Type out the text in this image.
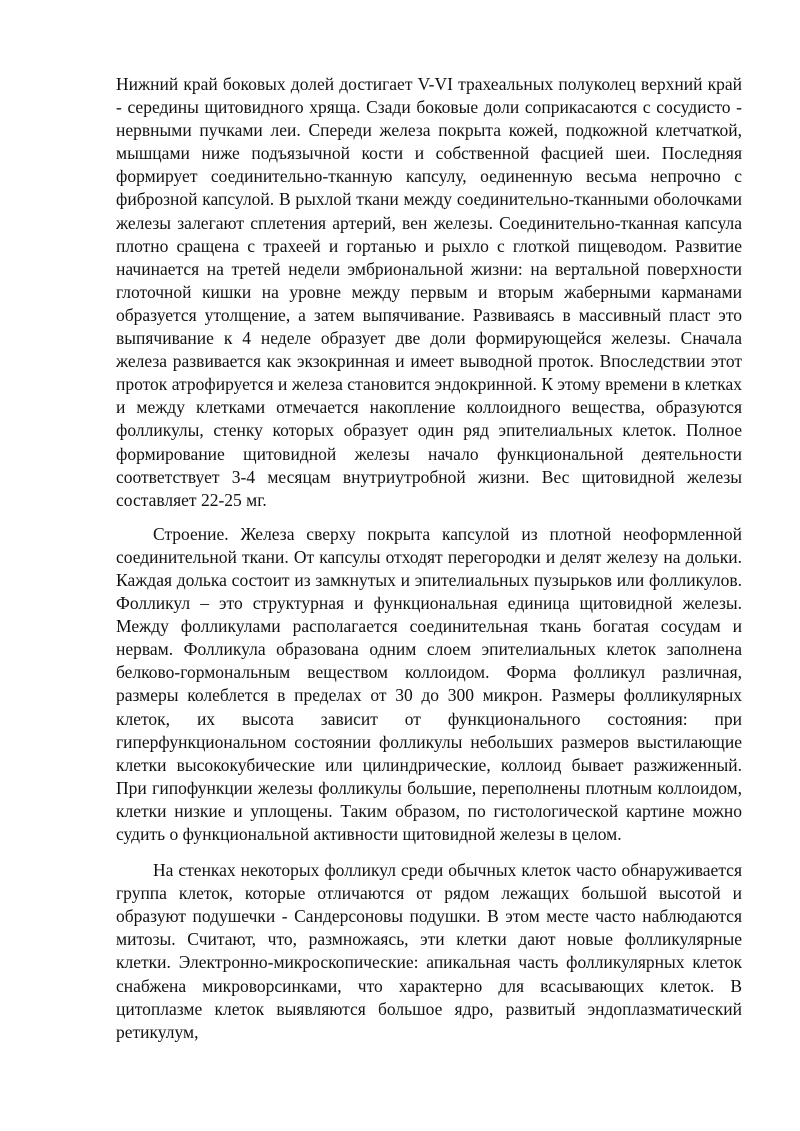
Нижний край боковых долей достигает V-VI трахеальных полуколец верхний край - середины щитовидного хряща. Сзади боковые доли соприкасаются с сосудисто - нервными пучками леи. Спереди железа покрыта кожей, подкожной клетчаткой, мышцами ниже подъязычной кости и собственной фасцией шеи. Последняя формирует соединительно-тканную капсулу, оединенную весьма непрочно с фиброзной капсулой. В рыхлой ткани между соединительно-тканными оболочками железы залегают сплетения артерий, вен железы. Соединительно-тканная капсула плотно сращена с трахеей и гортанью и рыхло с глоткой пищеводом. Развитие начинается на третей недели эмбриональной жизни: на вертальной поверхности глоточной кишки на уровне между первым и вторым жаберными карманами образуется утолщение, а затем выпячивание. Развиваясь в массивный пласт это выпячивание к 4 неделе образует две доли формирующейся железы. Сначала железа развивается как экзокринная и имеет выводной проток. Впоследствии этот проток атрофируется и железа становится эндокринной. К этому времени в клетках и между клетками отмечается накопление коллоидного вещества, образуются фолликулы, стенку которых образует один ряд эпителиальных клеток. Полное формирование щитовидной железы начало функциональной деятельности соответствует 3-4 месяцам внутриутробной жизни. Вес щитовидной железы составляет 22-25 мг.

Строение. Железа сверху покрыта капсулой из плотной неоформленной соединительной ткани. От капсулы отходят перегородки и делят железу на дольки. Каждая долька состоит из замкнутых и эпителиальных пузырьков или фолликулов. Фолликул – это структурная и функциональная единица щитовидной железы. Между фолликулами располагается соединительная ткань богатая сосудам и нервам. Фолликула образована одним слоем эпителиальных клеток заполнена белково-гормональным веществом коллоидом. Форма фолликул различная, размеры колеблется в пределах от 30 до 300 микрон. Размеры фолликулярных клеток, их высота зависит от функционального состояния: при гиперфункциональном состоянии фолликулы небольших размеров выстилающие клетки высококубические или цилиндрические, коллоид бывает разжиженный. При гипофункции железы фолликулы большие, переполнены плотным коллоидом, клетки низкие и уплощены. Таким образом, по гистологической картине можно судить о функциональной активности щитовидной железы в целом.

На стенках некоторых фолликул среди обычных клеток часто обнаруживается группа клеток, которые отличаются от рядом лежащих большой высотой и образуют подушечки - Сандерсоновы подушки. В этом месте часто наблюдаются митозы. Считают, что, размножаясь, эти клетки дают новые фолликулярные клетки. Электронно-микроскопические: апикальная часть фолликулярных клеток снабжена микроворсинками, что характерно для всасывающих клеток. В цитоплазме клеток выявляются большое ядро, развитый эндоплазматический ретикулум,
